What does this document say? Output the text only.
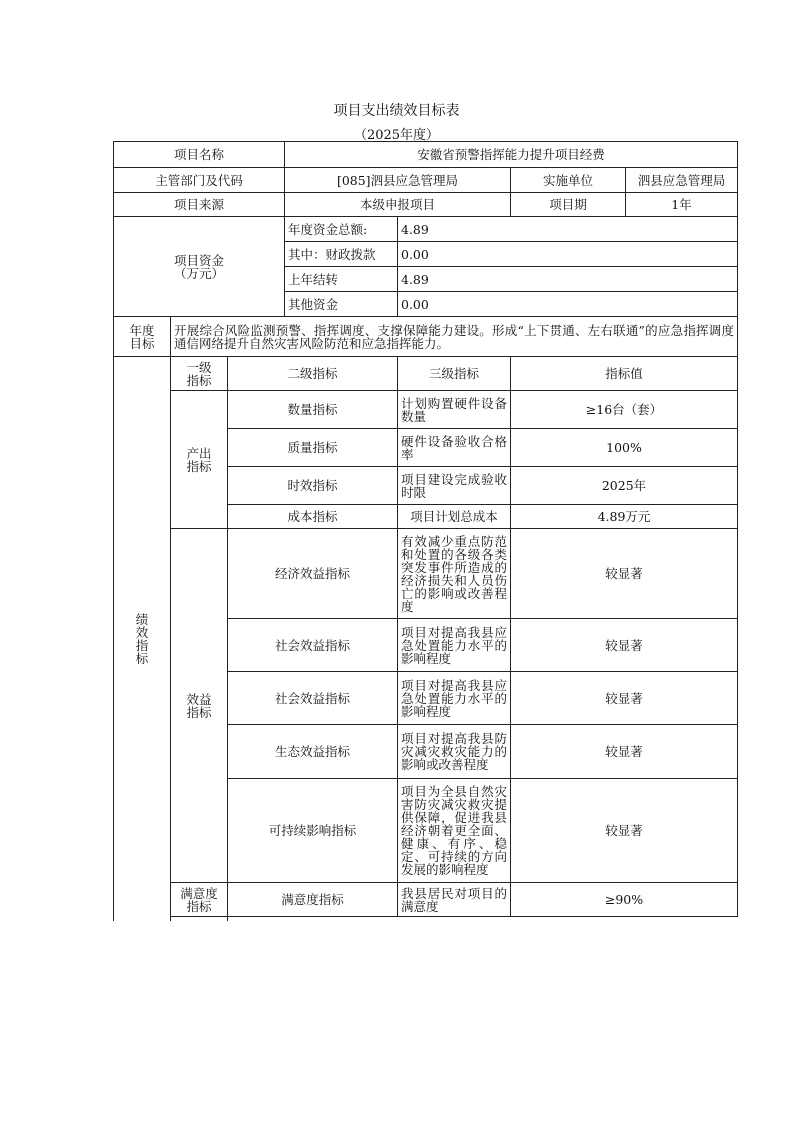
项目支出绩效目标表
（2025年度）
项目名称			安徽省预警指挥能力提升项目经费			
主管部门及代码			[085]泗县应急管理局		实施单位	泗县应急管理局
项目来源			本级申报项目		项目期	1年

项目资金
（万元）			年度资金总额:	4.89		
			其中：财政拨款	0.00		
			上年结转	4.89		
			其他资金	0.00		
年度目标	开展综合风险监测预警、指挥调度、支撑保障能力建设。形成“上下贯通、左右联通”的应急指挥调度通信网络提升自然灾害风险防范和应急指挥能力。					
绩效指标	一级指标	二级指标		三级指标	指标值	
	产出指标	数量指标		计划购置硬件设备数量	≥16台（套）	
		质量指标		硬件设备验收合格率	100%	
		时效指标		项目建设完成验收时限	2025年	
		成本指标		项目计划总成本	4.89万元	
	效益指标	经济效益指标		有效减少重点防范和处置的各级各类突发事件所造成的经济损失和人员伤亡的影响或改善程度	较显著	
		社会效益指标		项目对提高我县应急处置能力水平的影响程度	较显著	
		社会效益指标		项目对提高我县应急处置能力水平的影响程度	较显著	
		生态效益指标		项目对提高我县防灾减灾救灾能力的影响或改善程度	较显著	
		可持续影响指标		项目为全县自然灾害防灾减灾救灾提供保障，促进我县经济朝着更全面、健康、有序、稳定、可持续的方向发展的影响程度	较显著	
	满意度指标	满意度指标		我县居民对项目的满意度	≥90%	
